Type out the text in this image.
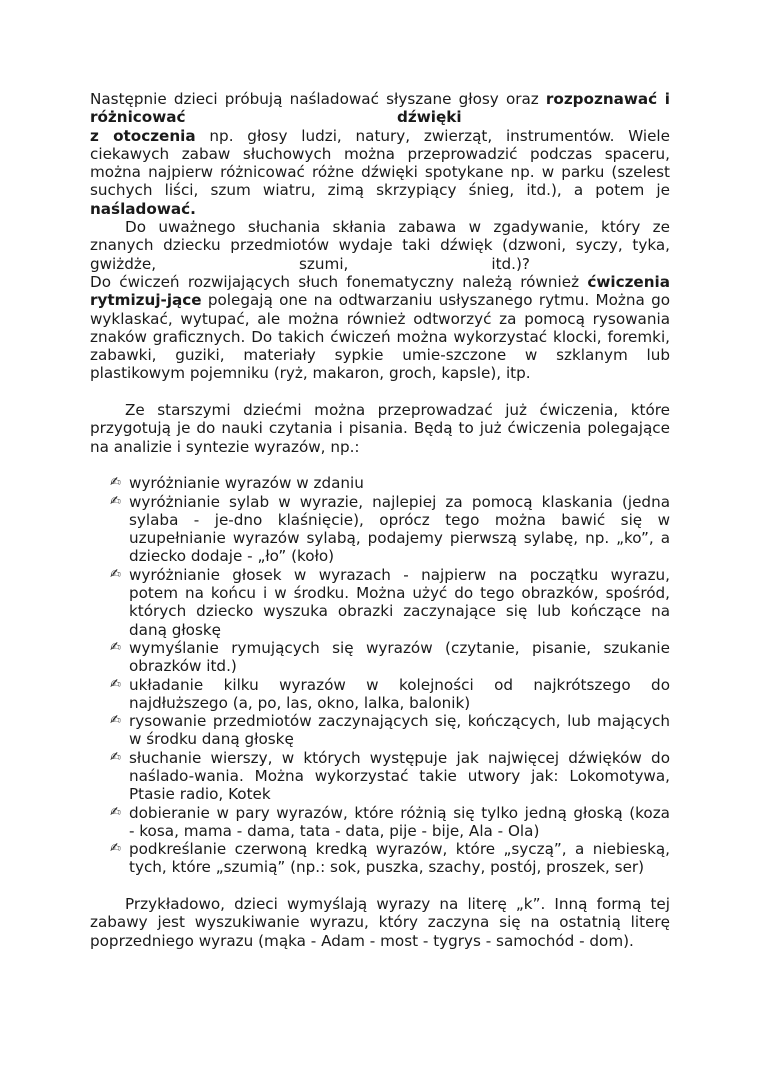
Następnie dzieci próbują naśladować słyszane głosy oraz rozpoznawać i
różnicować	dźwięki
z otoczenia np. głosy ludzi, natury, zwierząt, instrumentów. Wiele
ciekawych zabaw słuchowych można przeprowadzić podczas spaceru,
można najpierw różnicować różne dźwięki spotykane np. w parku (szelest
suchych liści, szum wiatru, zimą skrzypiący śnieg, itd.), a potem je
naśladować.
Do uważnego słuchania skłania zabawa w zgadywanie, który ze
znanych dziecku przedmiotów wydaje taki dźwięk (dzwoni, syczy, tyka,
gwiżdże,	szumi,	itd.)?
Do ćwiczeń rozwijających słuch fonematyczny należą również ćwiczenia
rytmizuj-jące polegają one na odtwarzaniu usłyszanego rytmu. Można go
wyklaskać, wytupać, ale można również odtworzyć za pomocą rysowania
znaków graficznych. Do takich ćwiczeń można wykorzystać klocki, foremki,
zabawki, guziki, materiały sypkie umie-szczone w szklanym lub
plastikowym pojemniku (ryż, makaron, groch, kapsle), itp.
Ze starszymi dziećmi można przeprowadzać już ćwiczenia, które
przygotują je do nauki czytania i pisania. Będą to już ćwiczenia polegające
na analizie i syntezie wyrazów, np.:
✍ wyróżnianie wyrazów w zdaniu
✍ wyróżnianie sylab w wyrazie, najlepiej za pomocą klaskania (jedna
sylaba - je-dno klaśnięcie), oprócz tego można bawić się w
uzupełnianie wyrazów sylabą, podajemy pierwszą sylabę, np. „ko”, a
dziecko dodaje - „ło” (koło)
✍ wyróżnianie głosek w wyrazach - najpierw na początku wyrazu,
potem na końcu i w środku. Można użyć do tego obrazków, spośród,
których dziecko wyszuka obrazki zaczynające się lub kończące na
daną głoskę
✍ wymyślanie rymujących się wyrazów (czytanie, pisanie, szukanie
obrazków itd.)
✍ układanie kilku wyrazów w kolejności od najkrótszego do
najdłuższego (a, po, las, okno, lalka, balonik)
✍ rysowanie przedmiotów zaczynających się, kończących, lub mających
w środku daną głoskę
✍ słuchanie wierszy, w których występuje jak najwięcej dźwięków do
naślado-wania. Można wykorzystać takie utwory jak: Lokomotywa,
Ptasie radio, Kotek
✍ dobieranie w pary wyrazów, które różnią się tylko jedną głoską (koza
- kosa, mama - dama, tata - data, pije - bije, Ala - Ola)
✍ podkreślanie czerwoną kredką wyrazów, które „syczą”, a niebieską,
tych, które „szumią” (np.: sok, puszka, szachy, postój, proszek, ser)
Przykładowo, dzieci wymyślają wyrazy na literę „k”. Inną formą tej
zabawy jest wyszukiwanie wyrazu, który zaczyna się na ostatnią literę
poprzedniego wyrazu (mąka - Adam - most - tygrys - samochód - dom).
